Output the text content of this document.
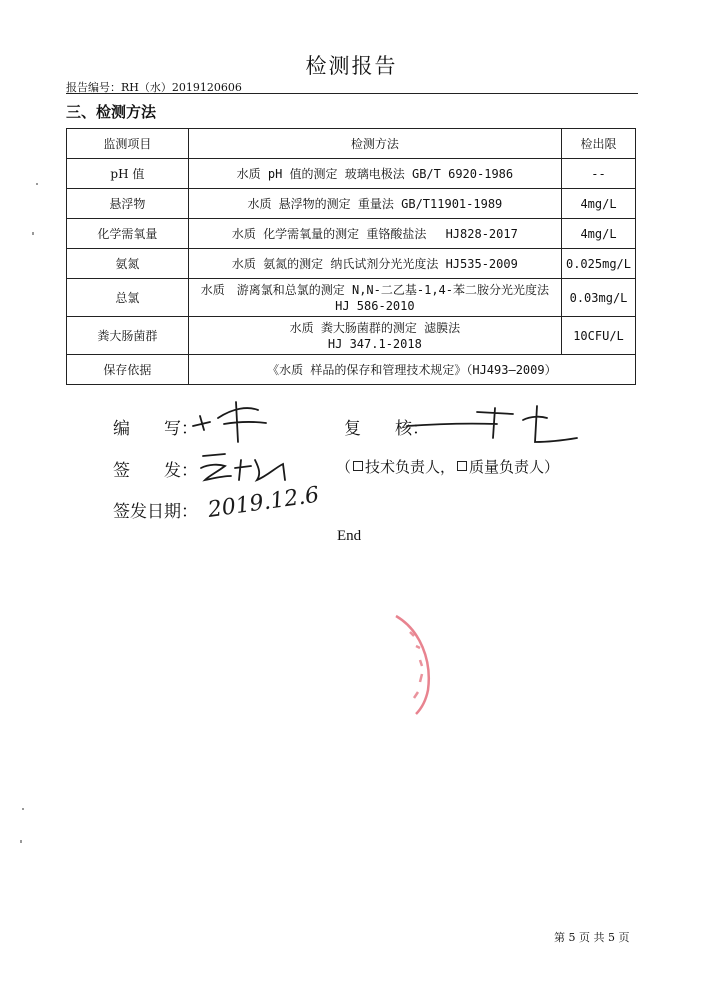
检测报告
报告编号：RH（水）2019120606
三、检测方法
监测项目	检测方法	检出限
pH 值	水质 pH 值的测定 玻璃电极法 GB/T 6920-1986	--
悬浮物	水质 悬浮物的测定 重量法 GB/T11901-1989	4mg/L
化学需氧量	水质 化学需氧量的测定 重铬酸盐法　 HJ828-2017	4mg/L
氨氮	水质 氨氮的测定 纳氏试剂分光光度法 HJ535-2009	0.025mg/L
总氯	水质　游离氯和总氯的测定 N,N-二乙基-1,4-苯二胺分光光度法
HJ 586-2010	0.03mg/L
粪大肠菌群	水质 粪大肠菌群的测定 滤膜法
HJ 347.1-2018	10CFU/L
保存依据	《水质 样品的保存和管理技术规定》（HJ493—2009）	
编　　写：	复　　核：
签　　发：	（ 技术负责人， 质量负责人）
签发日期： 2019.12.6
End
第 5 页 共 5 页
